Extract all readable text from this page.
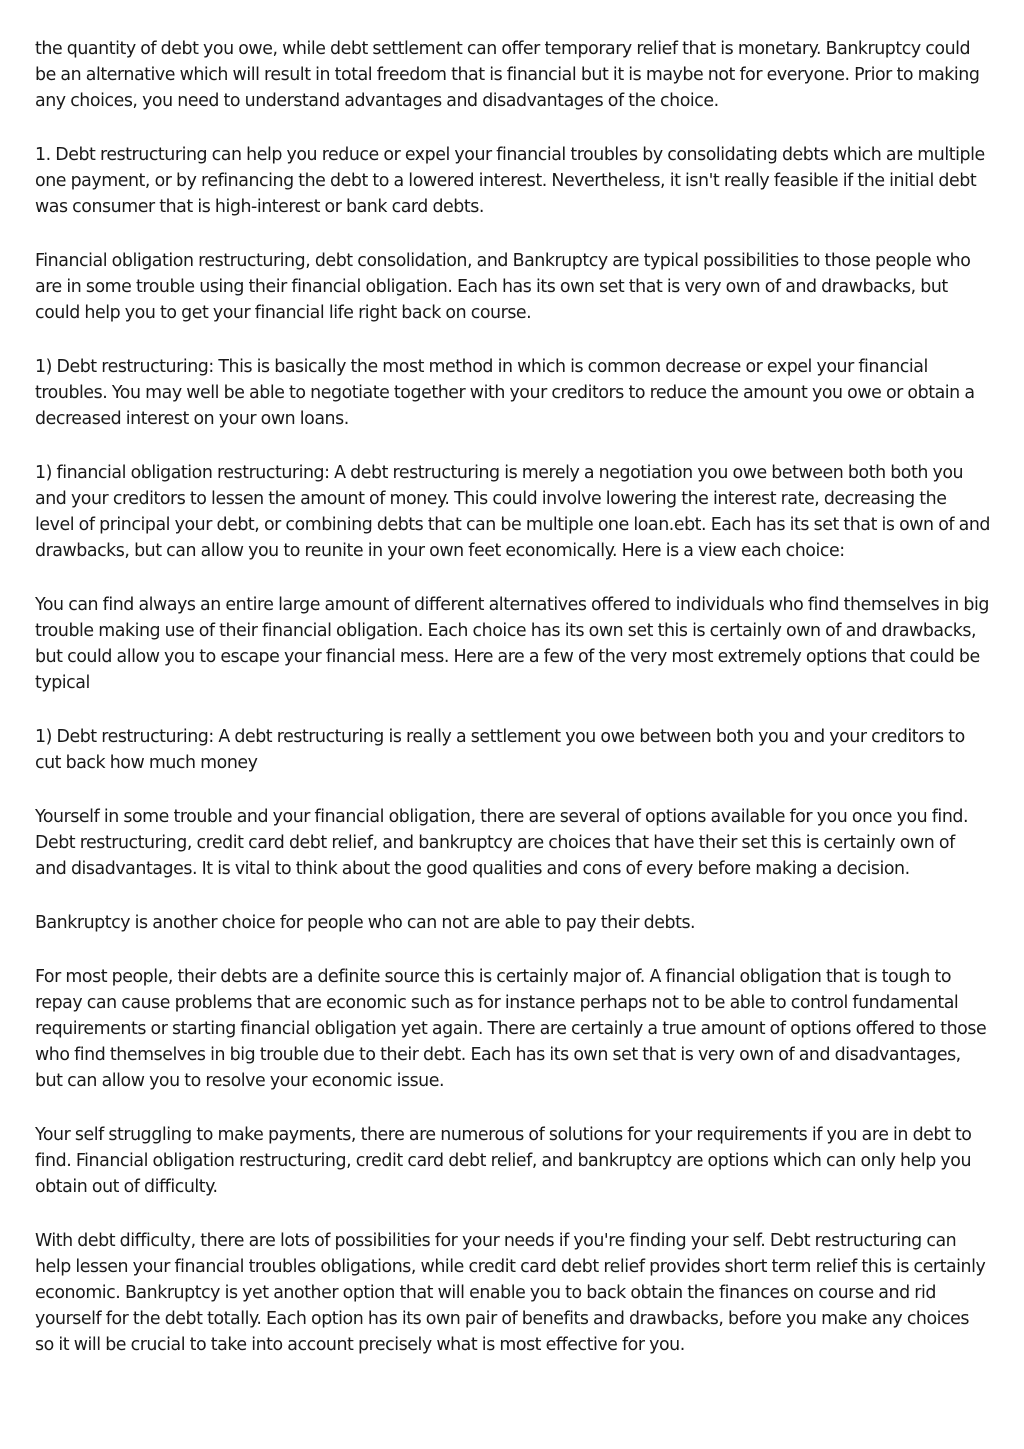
the quantity of debt you owe, while debt settlement can offer temporary relief that is monetary. Bankruptcy could be an alternative which will result in total freedom that is financial but it is maybe not for everyone. Prior to making any choices, you need to understand advantages and disadvantages of the choice.

1. Debt restructuring can help you reduce or expel your financial troubles by consolidating debts which are multiple one payment, or by refinancing the debt to a lowered interest. Nevertheless, it isn't really feasible if the initial debt was consumer that is high-interest or bank card debts.

Financial obligation restructuring, debt consolidation, and Bankruptcy are typical possibilities to those people who are in some trouble using their financial obligation. Each has its own set that is very own of and drawbacks, but could help you to get your financial life right back on course.

1) Debt restructuring: This is basically the most method in which is common decrease or expel your financial troubles. You may well be able to negotiate together with your creditors to reduce the amount you owe or obtain a decreased interest on your own loans.

1) financial obligation restructuring: A debt restructuring is merely a negotiation you owe between both both you and your creditors to lessen the amount of money. This could involve lowering the interest rate, decreasing the level of principal your debt, or combining debts that can be multiple one loan.ebt. Each has its set that is own of and drawbacks, but can allow you to reunite in your own feet economically. Here is a view each choice:

You can find always an entire large amount of different alternatives offered to individuals who find themselves in big trouble making use of their financial obligation. Each choice has its own set this is certainly own of and drawbacks, but could allow you to escape your financial mess. Here are a few of the very most extremely options that could be typical

1) Debt restructuring: A debt restructuring is really a settlement you owe between both you and your creditors to cut back how much money

Yourself in some trouble and your financial obligation, there are several of options available for you once you find. Debt restructuring, credit card debt relief, and bankruptcy are choices that have their set this is certainly own of and disadvantages. It is vital to think about the good qualities and cons of every before making a decision.

Bankruptcy is another choice for people who can not are able to pay their debts.

For most people, their debts are a definite source this is certainly major of. A financial obligation that is tough to repay can cause problems that are economic such as for instance perhaps not to be able to control fundamental requirements or starting financial obligation yet again. There are certainly a true amount of options offered to those who find themselves in big trouble due to their debt. Each has its own set that is very own of and disadvantages, but can allow you to resolve your economic issue.

Your self struggling to make payments, there are numerous of solutions for your requirements if you are in debt to find. Financial obligation restructuring, credit card debt relief, and bankruptcy are options which can only help you obtain out of difficulty.

With debt difficulty, there are lots of possibilities for your needs if you're finding your self. Debt restructuring can help lessen your financial troubles obligations, while credit card debt relief provides short term relief this is certainly economic. Bankruptcy is yet another option that will enable you to back obtain the finances on course and rid yourself for the debt totally. Each option has its own pair of benefits and drawbacks, before you make any choices so it will be crucial to take into account precisely what is most effective for you.
